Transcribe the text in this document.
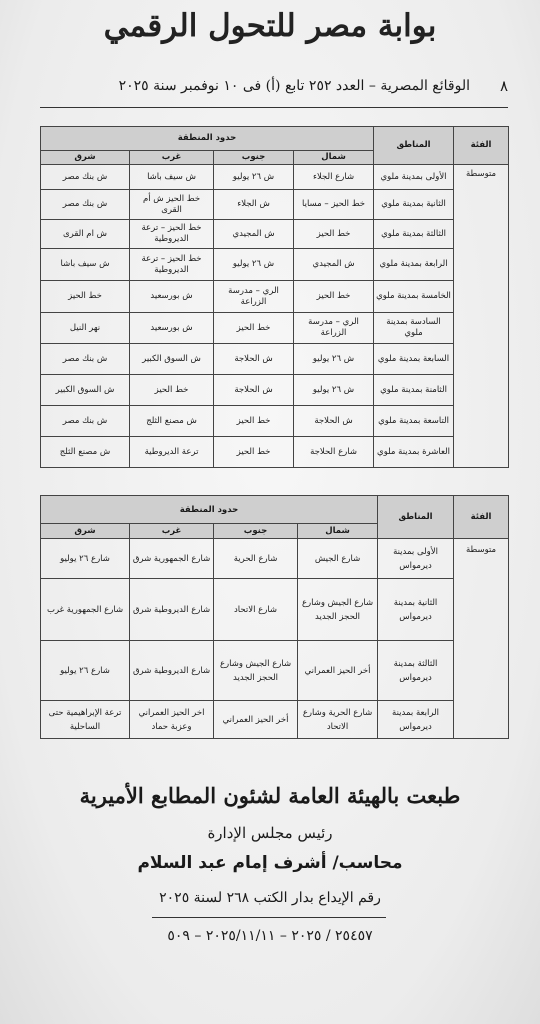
بوابة مصر للتحول الرقمي
٨
الوقائع المصرية – العدد ٢٥٢ تابع (أ) فى ١٠ نوفمبر سنة ٢٠٢٥
الفئة	المناطق	حدود المنطقة			
		شمال	جنوب	غرب	شرق
متوسطة	الأولى بمدينة ملوي	شارع الجلاء	ش ٢٦ يوليو	ش سيف باشا	ش بنك مصر
	الثانية بمدينة ملوي	خط الحيز – مسايا	ش الجلاء	خط الحيز ش أم القرى	ش بنك مصر
	الثالثة بمدينة ملوي	خط الحيز	ش المجيدي	خط الحيز – ترعة الديروطية	ش ام القرى
	الرابعة بمدينة ملوي	ش المجيدي	ش ٢٦ يوليو	خط الحيز – ترعة الديروطية	ش سيف باشا
	الخامسة بمدينة ملوي	خط الحيز	الري – مدرسة الزراعة	ش بورسعيد	خط الحيز
	السادسة بمدينة ملوي	الري – مدرسة الزراعة	خط الحيز	ش بورسعيد	نهر النيل
	السابعة بمدينة ملوي	ش ٢٦ يوليو	ش الحلاجة	ش السوق الكبير	ش بنك مصر
	الثامنة بمدينة ملوي	ش ٢٦ يوليو	ش الحلاجة	خط الحيز	ش السوق الكبير
	التاسعة بمدينة ملوي	ش الحلاجة	خط الحيز	ش مصنع الثلج	ش بنك مصر
	العاشرة بمدينة ملوي	شارع الحلاجة	خط الحيز	ترعة الديروطية	ش مصنع الثلج
الفئة	المناطق	حدود المنطقة			
		شمال	جنوب	غرب	شرق
متوسطة	الأولى بمدينة ديرمواس	شارع الجيش	شارع الحرية	شارع الجمهورية شرق	شارع ٢٦ يوليو
	الثانية بمدينة ديرمواس	شارع الجيش وشارع الحجز الجديد	شارع الاتحاد	شارع الديروطية شرق	شارع الجمهورية غرب
	الثالثة بمدينة ديرمواس	أخر الحيز العمراني	شارع الجيش وشارع الحجز الجديد	شارع الديروطية شرق	شارع ٢٦ يوليو
	الرابعة بمدينة ديرمواس	شارع الحرية وشارع الاتحاد	أخر الحيز العمراني	اخر الحيز العمراني وعزبة حماد	ترعة الإبراهيمية حتى الساحلية
طبعت بالهيئة العامة لشئون المطابع الأميرية
رئيس مجلس الإدارة
محاسب/ أشرف إمام عبد السلام
رقم الإيداع بدار الكتب ٢٦٨ لسنة ٢٠٢٥
٢٥٤٥٧ / ٢٠٢٥ – ٢٠٢٥/١١/١١ – ٥٠٩
